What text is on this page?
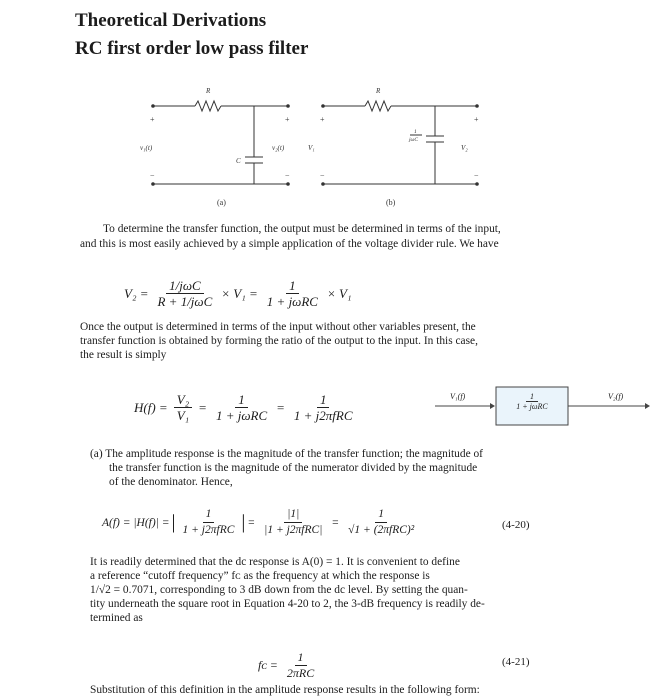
Theoretical Derivations
RC first order low pass filter
R	R
C
v₁(t)	v₂(t)	V₁	V₂
1
jωC
+
−
+
−
+
−
+
−
(a)	(b)
To determine the transfer function, the output must be determined in terms of the input,
and this is most easily achieved by a simple application of the voltage divider rule. We have
$V_2 = \frac{\text{1/jωC}}{\text{R + 1/jωC}} \times V_1 = \frac{1}{\text{1 + jωRC}} \times V_1$
Once the output is determined in terms of the input without other variables present, the
transfer function is obtained by forming the ratio of the output to the input. In this case,
the result is simply
$H(f) = \frac{\text{V₂}}{\text{V₁}} = \frac{1}{\text{1 + jωRC}} = \frac{1}{\text{1 + j2πfRC}}$	V₁(f)	V₂(f)
1
1 + jωRC
(a) The amplitude response is the magnitude of the transfer function; the magnitude of
the transfer function is the magnitude of the numerator divided by the magnitude
of the denominator. Hence,
A(f) = |H(f)| = | $\frac{1}{\text{1 + j2πfRC}}$ | = $\frac{|1|}{\text{|1 + j2πfRC|}} = \frac{1}{\text{√1 + (2πfRC)²}}$	(4-20)
It is readily determined that the dc response is A(0) = 1. It is convenient to define
a reference “cutoff frequency” fᴄ as the frequency at which the response is
1/√2 = 0.7071, corresponding to 3 dB down from the dc level. By setting the quan-
tity underneath the square root in Equation 4-20 to 2, the 3-dB frequency is readily de-
termined as
fᴄ = $\frac{1}{\text{2πRC}}$	(4-21)
Substitution of this definition in the amplitude response results in the following form:
